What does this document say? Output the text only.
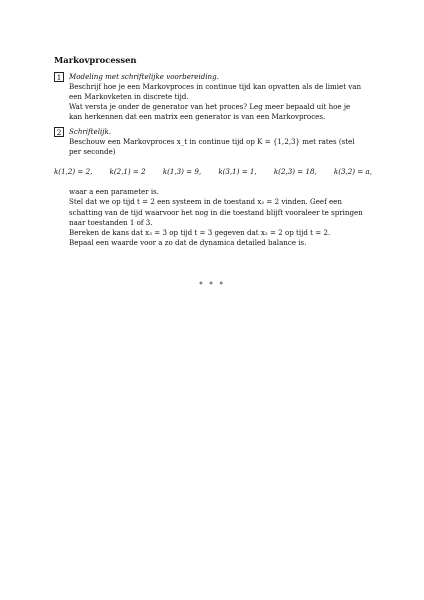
Markovprocessen
1	Modeling met schriftelijke voorbereiding.

Beschrijf hoe je een Markovproces in continue tijd kan opvatten als de limiet van een Markovketen in discrete tijd.

Wat versta je onder de generator van het proces? Leg meer bepaald uit hoe je kan herkennen dat een matrix een generator is van een Markovproces.

2	Schriftelijk.

Beschouw een Markovproces x_t in continue tijd op K = {1,2,3} met rates (stel per seconde)

k(1,2) = 2, k(2,1) = 2 k(1,3) = 9, k(3,1) = 1, k(2,3) = 18, k(3,2) = a,

waar a een parameter is.

Stel dat we op tijd t = 2 een systeem in de toestand x₂ = 2 vinden. Geef een schatting van de tijd waarvoor het nog in die toestand blijft vooraleer te springen naar toestanden 1 of 3.

Bereken de kans dat x₃ = 3 op tijd t = 3 gegeven dat x₂ = 2 op tijd t = 2.

Bepaal een waarde voor a zo dat de dynamica detailed balance is.

⋄ ⋄ ⋄
